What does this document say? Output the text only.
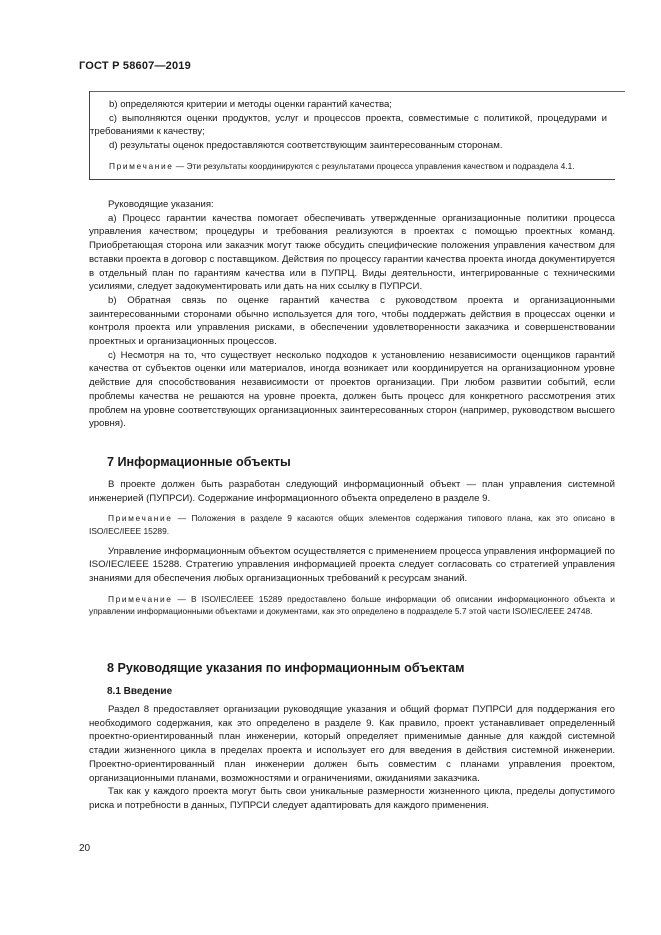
ГОСТ Р 58607—2019

b) определяются критерии и методы оценки гарантий качества;

c) выполняются оценки продуктов, услуг и процессов проекта, совместимые с политикой, процедурами и требованиями к качеству;

d) результаты оценок предоставляются соответствующим заинтересованным сторонам.

Примечание — Эти результаты координируются с результатами процесса управления качеством и подраздела 4.1.

Руководящие указания:

a) Процесс гарантии качества помогает обеспечивать утвержденные организационные политики процесса управления качеством; процедуры и требования реализуются в проектах с помощью проектных команд. Приобретающая сторона или заказчик могут также обсудить специфические положения управления качеством для вставки проекта в договор с поставщиком. Действия по процессу гарантии качества проекта иногда документируется в отдельный план по гарантиям качества или в ПУПРЦ. Виды деятельности, интегрированные с техническими усилиями, следует задокументировать или дать на них ссылку в ПУПРСИ.

b) Обратная связь по оценке гарантий качества с руководством проекта и организационными заинтересованными сторонами обычно используется для того, чтобы поддержать действия в процессах оценки и контроля проекта или управления рисками, в обеспечении удовлетворенности заказчика и совершенствовании проектных и организационных процессов.

c) Несмотря на то, что существует несколько подходов к установлению независимости оценщиков гарантий качества от субъектов оценки или материалов, иногда возникает или координируется на организационном уровне действие для способствования независимости от проектов организации. При любом развитии событий, если проблемы качества не решаются на уровне проекта, должен быть процесс для конкретного рассмотрения этих проблем на уровне соответствующих организационных заинтересованных сторон (например, руководством высшего уровня).

7 Информационные объекты

В проекте должен быть разработан следующий информационный объект — план управления системной инженерией (ПУПРСИ). Содержание информационного объекта определено в разделе 9.

Примечание — Положения в разделе 9 касаются общих элементов содержания типового плана, как это описано в ISO/IEC/IEEE 15289.

Управление информационным объектом осуществляется с применением процесса управления информацией по ISO/IEC/IEEE 15288. Стратегию управления информацией проекта следует согласовать со стратегией управления знаниями для обеспечения любых организационных требований к ресурсам знаний.

Примечание — В ISO/IEC/IEEE 15289 предоставлено больше информации об описании информационного объекта и управлении информационными объектами и документами, как это определено в подразделе 5.7 этой части ISO/IEC/IEEE 24748.

8 Руководящие указания по информационным объектам
8.1 Введение

Раздел 8 предоставляет организации руководящие указания и общий формат ПУПРСИ для поддержания его необходимого содержания, как это определено в разделе 9. Как правило, проект устанавливает определенный проектно-ориентированный план инженерии, который определяет применимые данные для каждой системной стадии жизненного цикла в пределах проекта и использует его для введения в действия системной инженерии. Проектно-ориентированный план инженерии должен быть совместим с планами управления проектом, организационными планами, возможностями и ограничениями, ожиданиями заказчика.

Так как у каждого проекта могут быть свои уникальные размерности жизненного цикла, пределы допустимого риска и потребности в данных, ПУПРСИ следует адаптировать для каждого применения.

20
